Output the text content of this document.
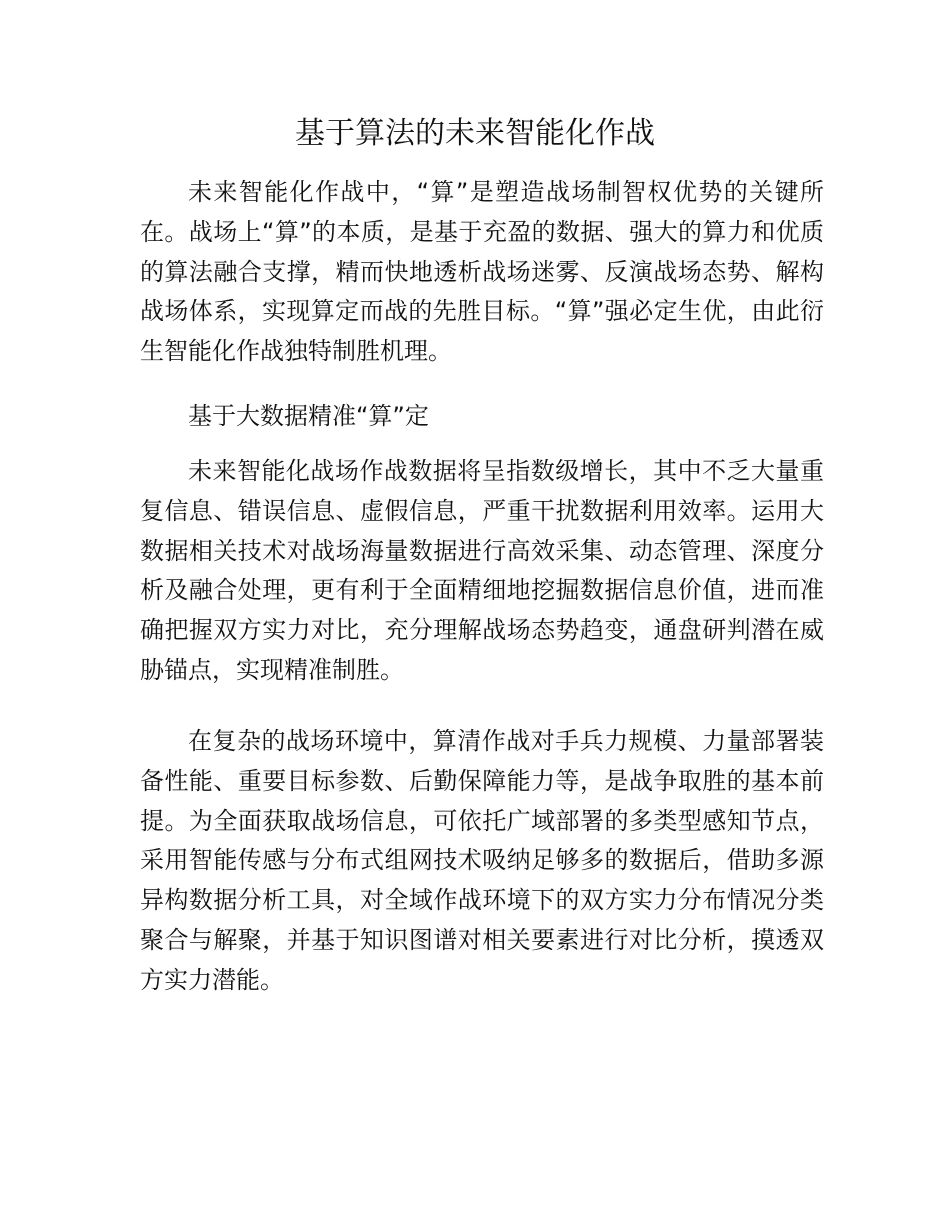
基于算法的未来智能化作战

未来智能化作战中，“算”是塑造战场制智权优势的关键所在。战场上“算”的本质，是基于充盈的数据、强大的算力和优质的算法融合支撑，精而快地透析战场迷雾、反演战场态势、解构战场体系，实现算定而战的先胜目标。“算”强必定生优，由此衍生智能化作战独特制胜机理。

基于大数据精准“算”定

未来智能化战场作战数据将呈指数级增长，其中不乏大量重复信息、错误信息、虚假信息，严重干扰数据利用效率。运用大数据相关技术对战场海量数据进行高效采集、动态管理、深度分析及融合处理，更有利于全面精细地挖掘数据信息价值，进而准确把握双方实力对比，充分理解战场态势趋变，通盘研判潜在威胁锚点，实现精准制胜。

在复杂的战场环境中，算清作战对手兵力规模、力量部署装备性能、重要目标参数、后勤保障能力等，是战争取胜的基本前提。为全面获取战场信息，可依托广域部署的多类型感知节点，采用智能传感与分布式组网技术吸纳足够多的数据后，借助多源异构数据分析工具，对全域作战环境下的双方实力分布情况分类聚合与解聚，并基于知识图谱对相关要素进行对比分析，摸透双方实力潜能。
